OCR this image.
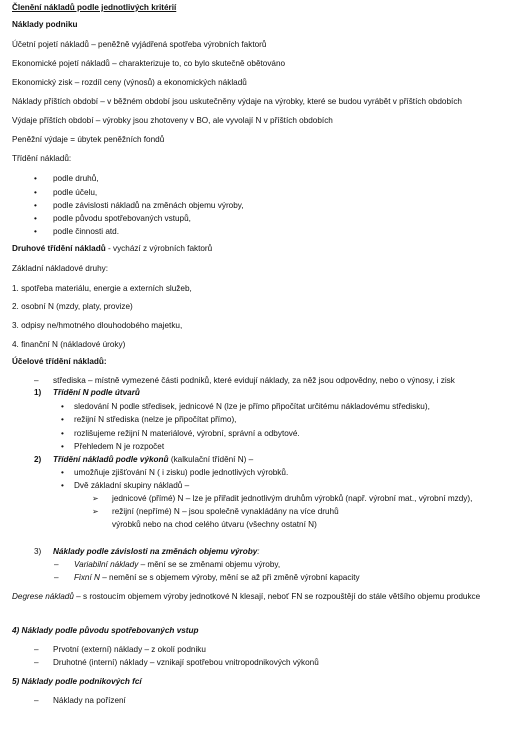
Členění nákladů podle jednotlivých kritérií
Náklady podniku
Účetní pojetí nákladů – peněžně vyjádřená spotřeba výrobních faktorů
Ekonomické pojetí nákladů – charakterizuje to, co bylo skutečně obětováno
Ekonomický zisk – rozdíl ceny (výnosů) a ekonomických nákladů
Náklady příštích období – v běžném období jsou uskutečněny výdaje na výrobky, které se budou vyrábět v příštích obdobích
Výdaje příštích období – výrobky jsou zhotoveny v BO, ale vyvolají N v příštích obdobích
Peněžní výdaje = úbytek peněžních fondů
Třídění nákladů:
• podle druhů,
• podle účelu,
• podle závislosti nákladů na změnách objemu výroby,
• podle původu spotřebovaných vstupů,
• podle činnosti atd.
Druhové třídění nákladů - vychází z výrobních faktorů
Základní nákladové druhy:
1. spotřeba materiálu, energie a externích služeb,
2. osobní N (mzdy, platy, provize)
3. odpisy ne/hmotného dlouhodobého majetku,
4. finanční N (nákladové úroky)
Účelové třídění nákladů:
– střediska – místně vymezené části podniků, které evidují náklady, za něž jsou odpovědny, nebo o výnosy, i zisk
1) Třídění N podle útvarů
• sledování N podle středisek, jednicové N (lze je přímo připočítat určitému nákladovému středisku),
• režijní N střediska (nelze je připočítat přímo),
• rozlišujeme režijní N materiálové, výrobní, správní a odbytové.
• Přehledem N je rozpočet
2) Třídění nákladů podle výkonů (kalkulační třídění N) –
• umožňuje zjišťování N ( i zisku) podle jednotlivých výrobků.
• Dvě základní skupiny nákladů –
➢ jednicové (přímé) N – lze je přiřadit jednotlivým druhům výrobků (např. výrobní mat., výrobní mzdy),
➢ režijní (nepřímé) N – jsou společně vynakládány na více druhů
výrobků nebo na chod celého útvaru (všechny ostatní N)
3) Náklady podle závislosti na změnách objemu výroby:
– Variabilní náklady – mění se se změnami objemu výroby,
– Fixní N – nemění se s objemem výroby, mění se až při změně výrobní kapacity
Degrese nákladů – s rostoucím objemem výroby jednotkové N klesají, neboť FN se rozpouštějí do stále většího objemu produkce
4) Náklady podle původu spotřebovaných vstup
– Prvotní (externí) náklady – z okolí podniku
– Druhotné (interní) náklady – vznikají spotřebou vnitropodnikových výkonů
5) Náklady podle podnikových fcí
– Náklady na pořízení
